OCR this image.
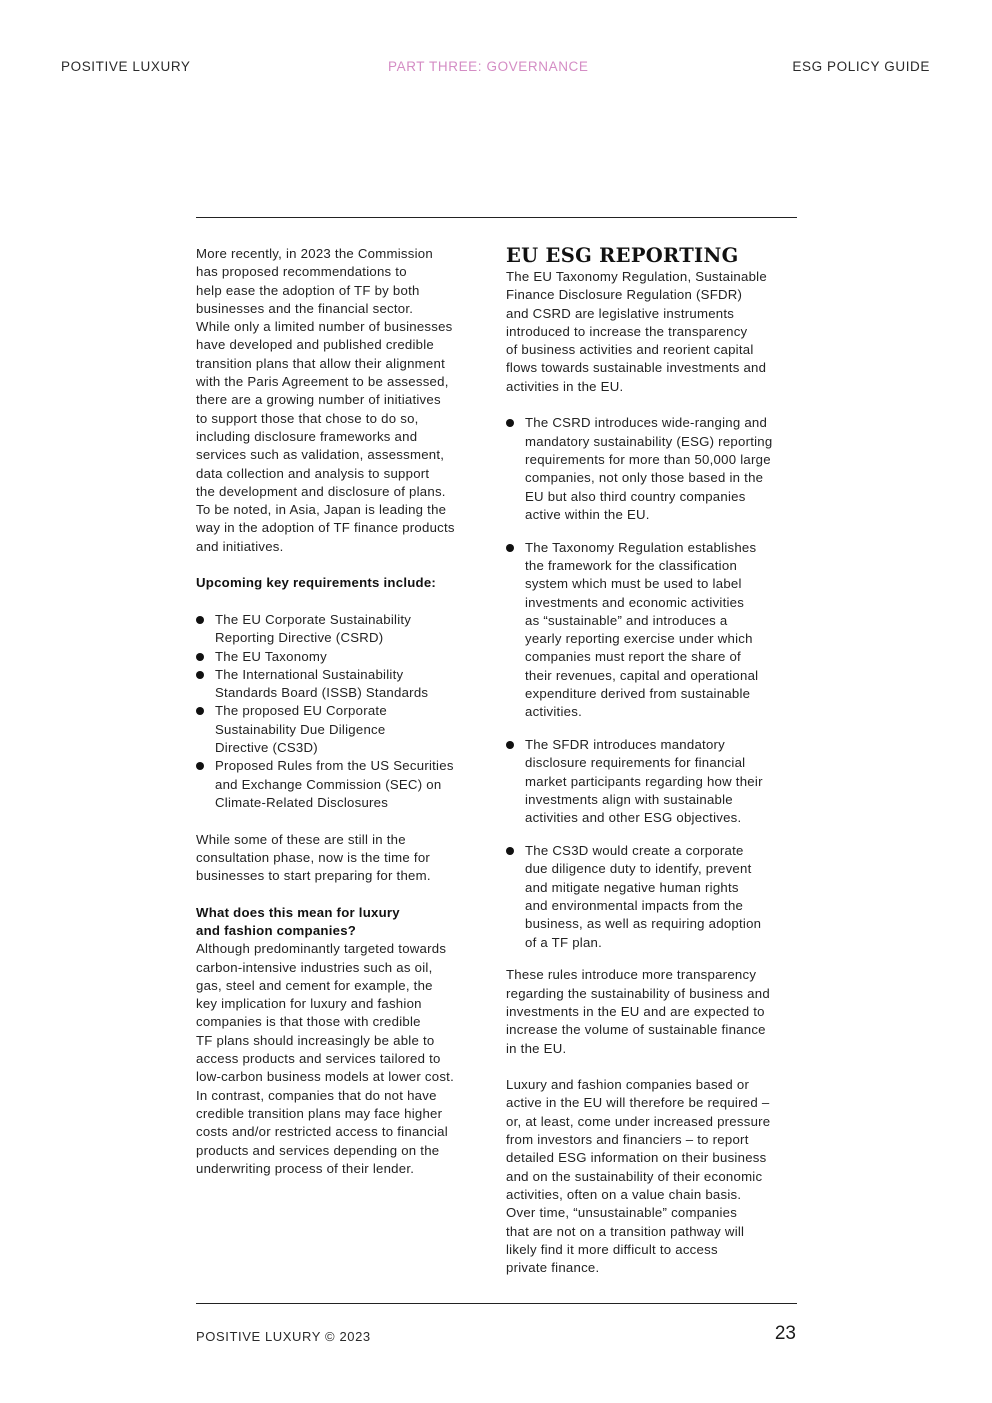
POSITIVE LUXURY	PART THREE: GOVERNANCE	ESG POLICY GUIDE

More recently, in 2023 the Commission
has proposed recommendations to
help ease the adoption of TF by both
businesses and the financial sector.
While only a limited number of businesses
have developed and published credible
transition plans that allow their alignment
with the Paris Agreement to be assessed,
there are a growing number of initiatives
to support those that chose to do so,
including disclosure frameworks and
services such as validation, assessment,
data collection and analysis to support
the development and disclosure of plans.
To be noted, in Asia, Japan is leading the
way in the adoption of TF finance products
and initiatives.

Upcoming key requirements include:

The EU Corporate Sustainability
Reporting Directive (CSRD)
The EU Taxonomy
The International Sustainability
Standards Board (ISSB) Standards
The proposed EU Corporate
Sustainability Due Diligence
Directive (CS3D)
Proposed Rules from the US Securities
and Exchange Commission (SEC) on
Climate-Related Disclosures

While some of these are still in the
consultation phase, now is the time for
businesses to start preparing for them.

What does this mean for luxury
and fashion companies?

Although predominantly targeted towards
carbon-intensive industries such as oil,
gas, steel and cement for example, the
key implication for luxury and fashion
companies is that those with credible
TF plans should increasingly be able to
access products and services tailored to
low-carbon business models at lower cost.
In contrast, companies that do not have
credible transition plans may face higher
costs and/or restricted access to financial
products and services depending on the
underwriting process of their lender.

EU ESG REPORTING

The EU Taxonomy Regulation, Sustainable
Finance Disclosure Regulation (SFDR)
and CSRD are legislative instruments
introduced to increase the transparency
of business activities and reorient capital
flows towards sustainable investments and
activities in the EU.

The CSRD introduces wide-ranging and
mandatory sustainability (ESG) reporting
requirements for more than 50,000 large
companies, not only those based in the
EU but also third country companies
active within the EU.
The Taxonomy Regulation establishes
the framework for the classification
system which must be used to label
investments and economic activities
as “sustainable” and introduces a
yearly reporting exercise under which
companies must report the share of
their revenues, capital and operational
expenditure derived from sustainable
activities.
The SFDR introduces mandatory
disclosure requirements for financial
market participants regarding how their
investments align with sustainable
activities and other ESG objectives.
The CS3D would create a corporate
due diligence duty to identify, prevent
and mitigate negative human rights
and environmental impacts from the
business, as well as requiring adoption
of a TF plan.

These rules introduce more transparency
regarding the sustainability of business and
investments in the EU and are expected to
increase the volume of sustainable finance
in the EU.

Luxury and fashion companies based or
active in the EU will therefore be required –
or, at least, come under increased pressure
from investors and financiers – to report
detailed ESG information on their business
and on the sustainability of their economic
activities, often on a value chain basis.
Over time, “unsustainable” companies
that are not on a transition pathway will
likely find it more difficult to access
private finance.

POSITIVE LUXURY © 2023	23
